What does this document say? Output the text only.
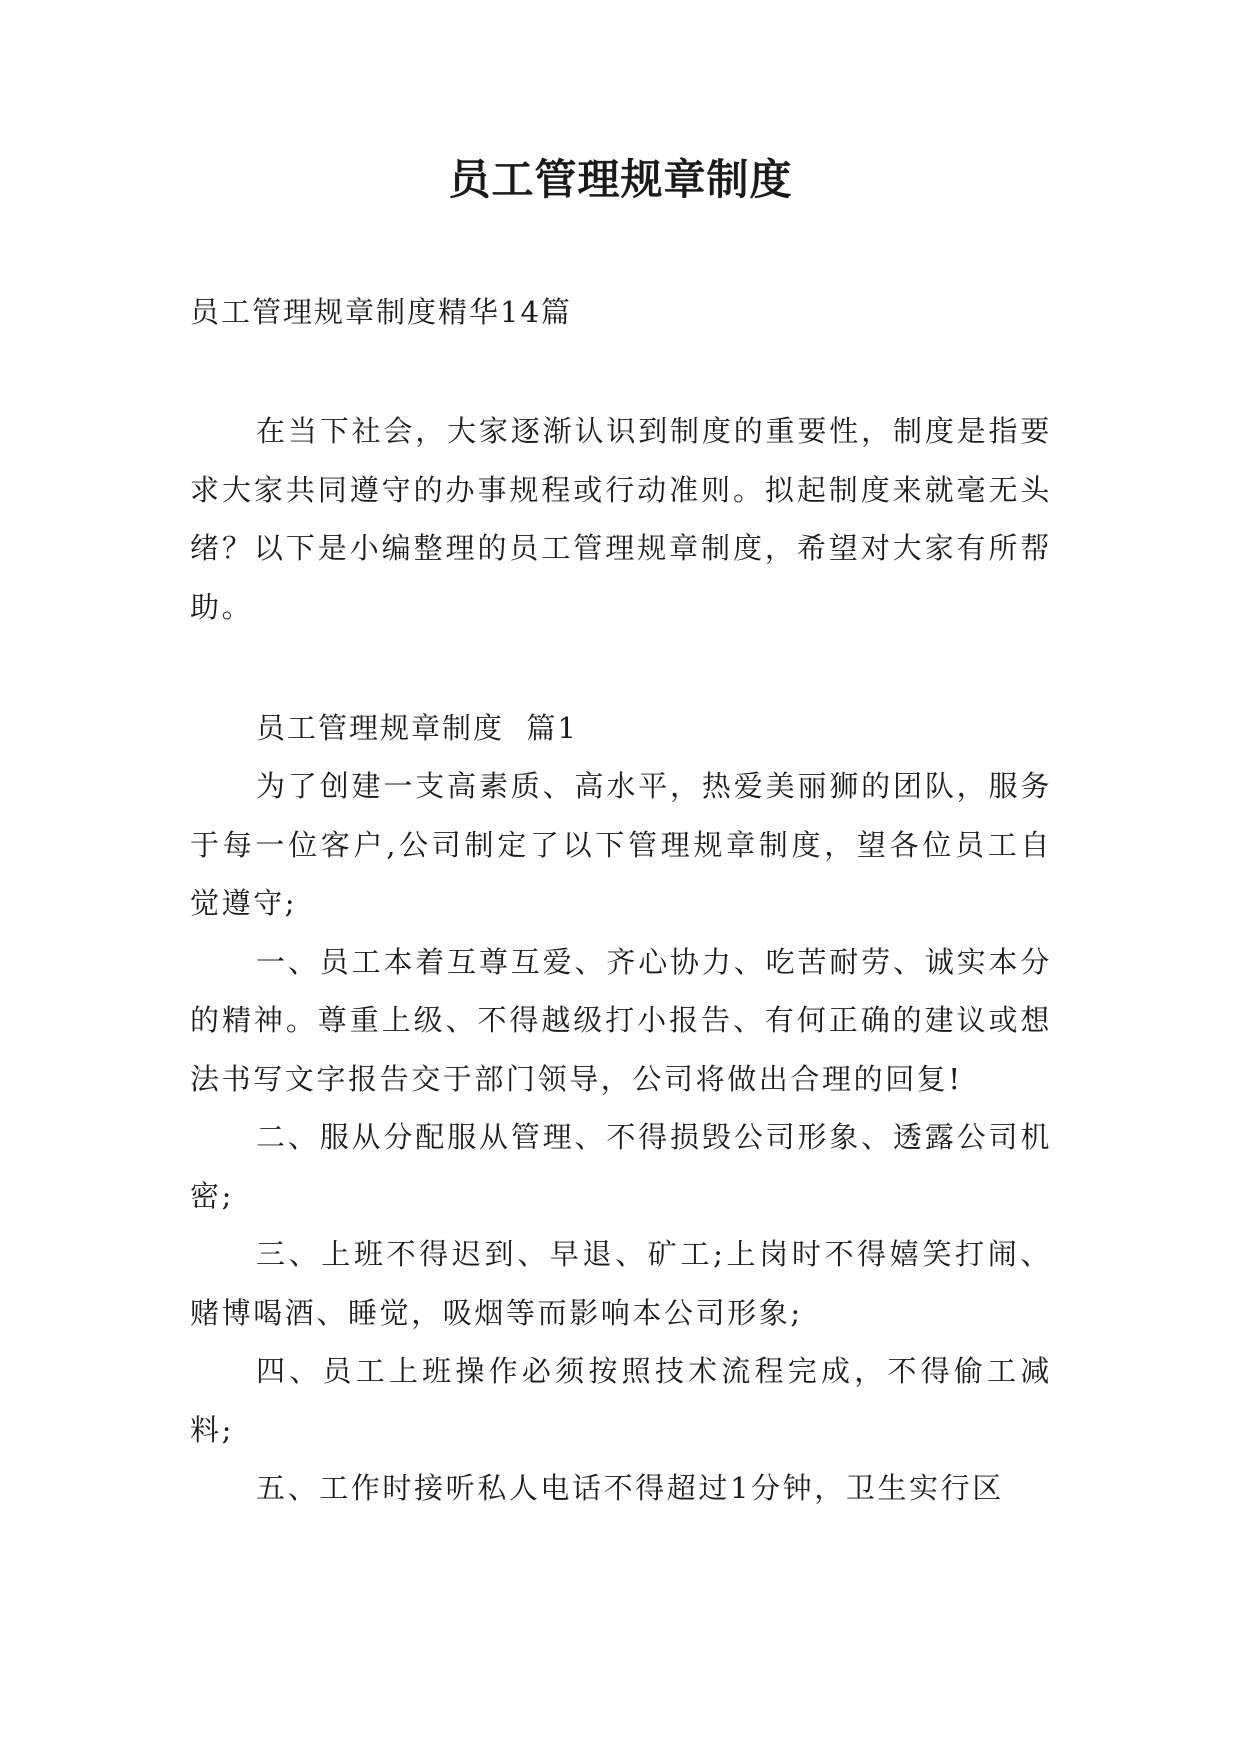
员工管理规章制度

员工管理规章制度精华14篇

在当下社会，大家逐渐认识到制度的重要性，制度是指要求大家共同遵守的办事规程或行动准则。拟起制度来就毫无头绪？以下是小编整理的员工管理规章制度，希望对大家有所帮助。

员工管理规章制度  篇1

为了创建一支高素质、高水平，热爱美丽狮的团队，服务于每一位客户,公司制定了以下管理规章制度，望各位员工自觉遵守;

一、员工本着互尊互爱、齐心协力、吃苦耐劳、诚实本分的精神。尊重上级、不得越级打小报告、有何正确的建议或想法书写文字报告交于部门领导，公司将做出合理的回复!

二、服从分配服从管理、不得损毁公司形象、透露公司机密;

三、上班不得迟到、早退、矿工;上岗时不得嬉笑打闹、赌博喝酒、睡觉，吸烟等而影响本公司形象;

四、员工上班操作必须按照技术流程完成，不得偷工减料;

五、工作时接听私人电话不得超过1分钟，卫生实行区
